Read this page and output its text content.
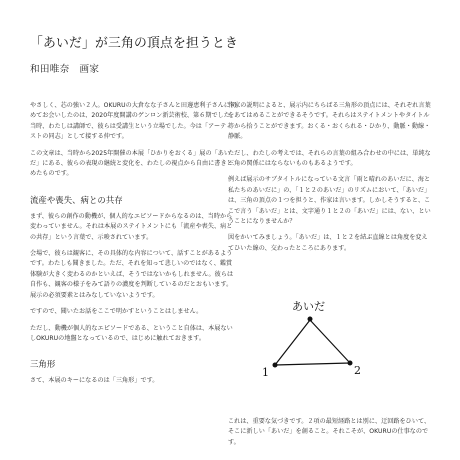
「あいだ」が三角の頂点を担うとき
和田唯奈　画家

やさしく、芯の強い２人。OKURUの大倉なな子さんと田邊恵利子さんに初めてお会いしたのは、2020年度開講のゲンロン新芸術校、第６期でした。当時、わたしは講師で、彼らは受講生という立場でした。今は「アーティストの同志」として接する仲です。

この文章は、当時から2025年開催の本展「ひかりをおくる」展の「あいだ」にある、彼らの表現の継続と変化を、わたしの視点から自由に書きとめたものです。

流産や喪失、病との共存

まず、彼らの創作の動機が、個人的なエピソードからなるのは、当時から変わっていません。それは本展のステイトメントにも「流産や喪失、病との共存」という言葉で、示唆されています。

会場で、彼らは観客に、その具体的な内容について、話すことがあるようです。わたしも聞きました。ただ、それを知って悲しいのではなく、鑑賞体験が大きく変わるのかといえば、そうではないかもしれません。彼らは自作も、観客の様子をみて語りの濃度を判断しているのだとおもいます。展示の必須要素とはみなしていないようです。

ですので、聞いたお話をここで明かすということはしません。

ただし、動機が個人的なエピソードである、ということ自体は、本展ないしOKURUの地盤となっているので、はじめに触れておきます。

三角形

さて、本展のキーになるのは「三角形」です。

作家の説明によると、展示内にちらばる三角形の頂点には、それぞれ言葉をあてはめることができるそうです。それらはステイトメントやタイトル等から拾うことができます。おくる・おくられる・ひかり、動脈・動線・静脈。

ただし、わたしの考えでは、それらの言葉の組み合わせの中には、単純な三角の関係にはならないものもあるようです。

例えば展示のサブタイトルになっている文言「雨と晴れのあいだに、海と私たちのあいだに」の、「１と２のあいだ」のリズムにおいて、「あいだ」は、三角の頂点の１つを担うと、作家は言います。しかしそうすると、ここで言う「あいだ」とは、文字通り１と２の「あいだ」には、ない、ということになりませんか？

図をかいてみましょう。「あいだ」は、１と２を結ぶ直線とは角度を変えてひいた線の、交わったところにあります。

あいだ
1	2

これは、重要な気づきです。２項の最短経路とは別に、迂回路をひいて、そこに新しい「あいだ」を創ること。それこそが、OKURUの仕事なのです。
